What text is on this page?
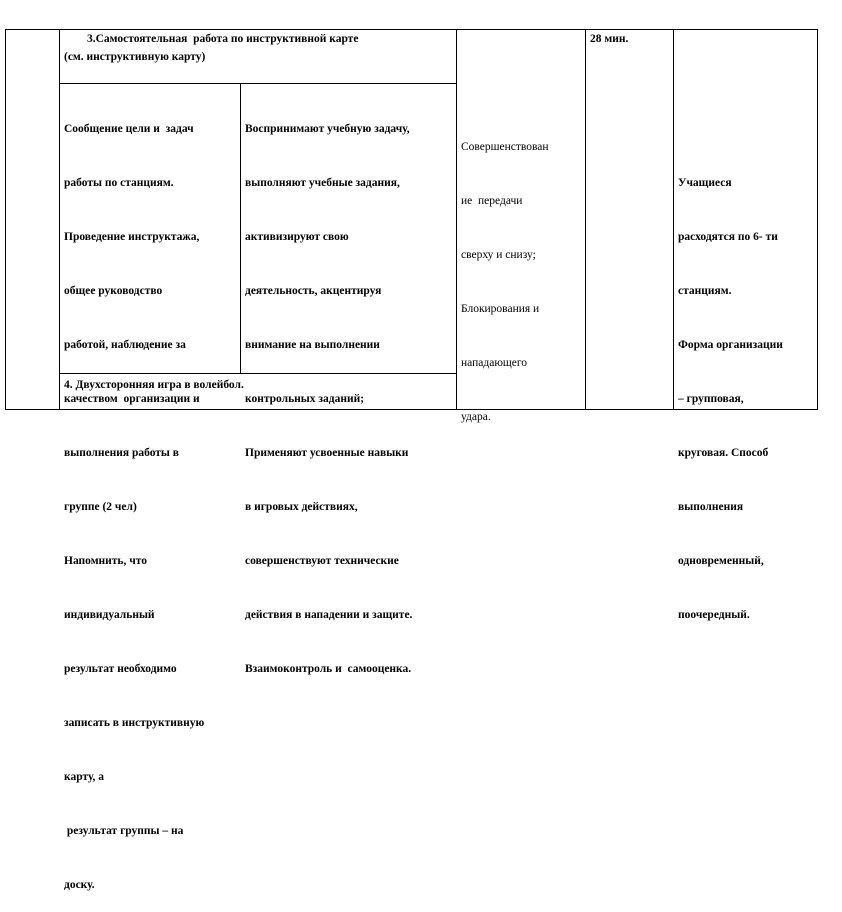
3.Самостоятельная  работа по инструктивной карте
(см. инструктивную карту)

Сообщение цели и  задач

работы по станциям.

Проведение инструктажа,

общее руководство

работой, наблюдение за

качеством  организации и

выполнения работы в

группе (2 чел)

Напомнить, что

индивидуальный

результат необходимо

записать в инструктивную

карту, а

результат группы – на

доску.

Воспринимают учебную задачу,

выполняют учебные задания,

активизируют свою

деятельность, акцентируя

внимание на выполнении

контрольных заданий;

Применяют усвоенные навыки

в игровых действиях,

совершенствуют технические

действия в нападении и защите.

Взаимоконтроль и  самооценка.

Совершенствован

ие  передачи

сверху и снизу;

Блокирования и

нападающего

удара.

28 мин.

Учащиеся

расходятся по 6- ти

станциям.

Форма организации

– групповая,

круговая. Способ

выполнения

одновременный,

поочередный.

4. Двухсторонняя игра в волейбол.
